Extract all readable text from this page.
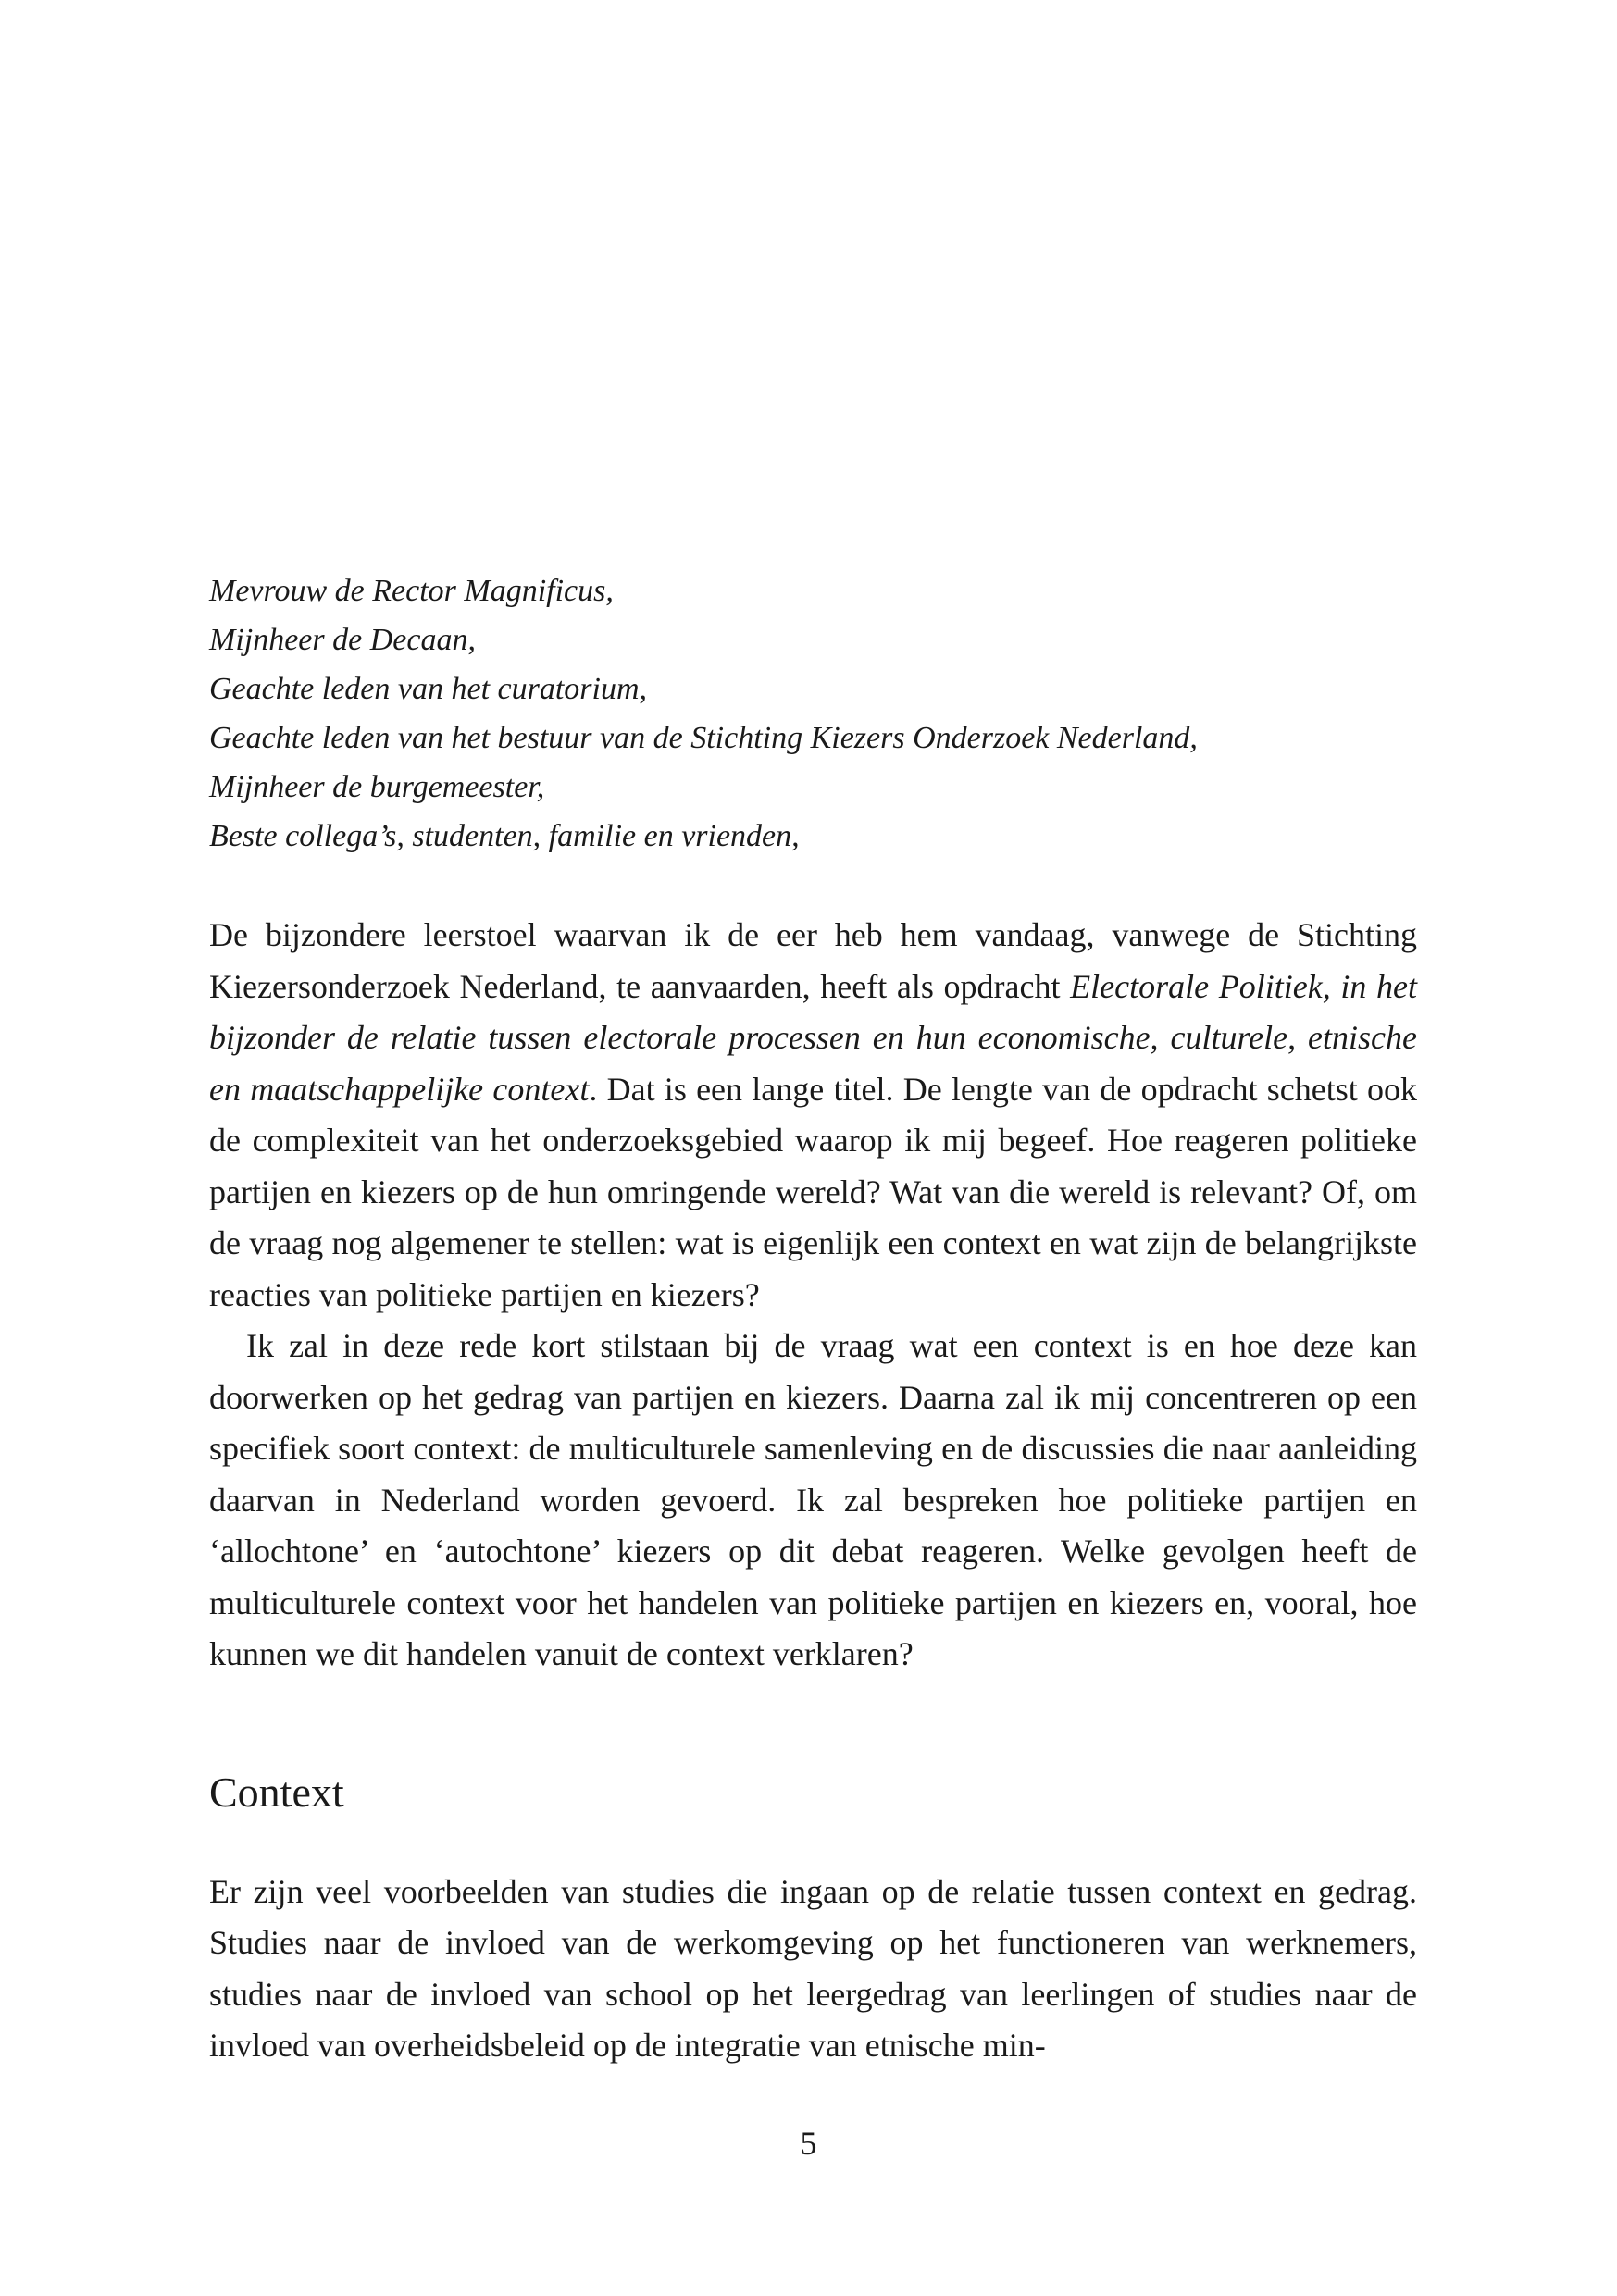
Mevrouw de Rector Magnificus,
Mijnheer de Decaan,
Geachte leden van het curatorium,
Geachte leden van het bestuur van de Stichting Kiezers Onderzoek Nederland,
Mijnheer de burgemeester,
Beste collega’s, studenten, familie en vrienden,

De bijzondere leerstoel waarvan ik de eer heb hem vandaag, vanwege de Stichting Kiezersonderzoek Nederland, te aanvaarden, heeft als opdracht Electorale Politiek, in het bijzonder de relatie tussen electorale processen en hun economische, culturele, etnische en maatschappelijke context. Dat is een lange titel. De lengte van de opdracht schetst ook de complexiteit van het onderzoeksgebied waarop ik mij begeef. Hoe reageren politieke partijen en kiezers op de hun omringende wereld? Wat van die wereld is relevant? Of, om de vraag nog algemener te stellen: wat is eigenlijk een context en wat zijn de belangrijkste reacties van politieke partijen en kiezers?

Ik zal in deze rede kort stilstaan bij de vraag wat een context is en hoe deze kan doorwerken op het gedrag van partijen en kiezers. Daarna zal ik mij concentreren op een specifiek soort context: de multiculturele samenleving en de discussies die naar aanleiding daarvan in Nederland worden gevoerd. Ik zal bespreken hoe politieke partijen en ‘allochtone’ en ‘autochtone’ kiezers op dit debat reageren. Welke gevolgen heeft de multiculturele context voor het handelen van politieke partijen en kiezers en, vooral, hoe kunnen we dit handelen vanuit de context verklaren?

Context

Er zijn veel voorbeelden van studies die ingaan op de relatie tussen context en gedrag. Studies naar de invloed van de werkomgeving op het functioneren van werknemers, studies naar de invloed van school op het leergedrag van leerlingen of studies naar de invloed van overheidsbeleid op de integratie van etnische min-

5
